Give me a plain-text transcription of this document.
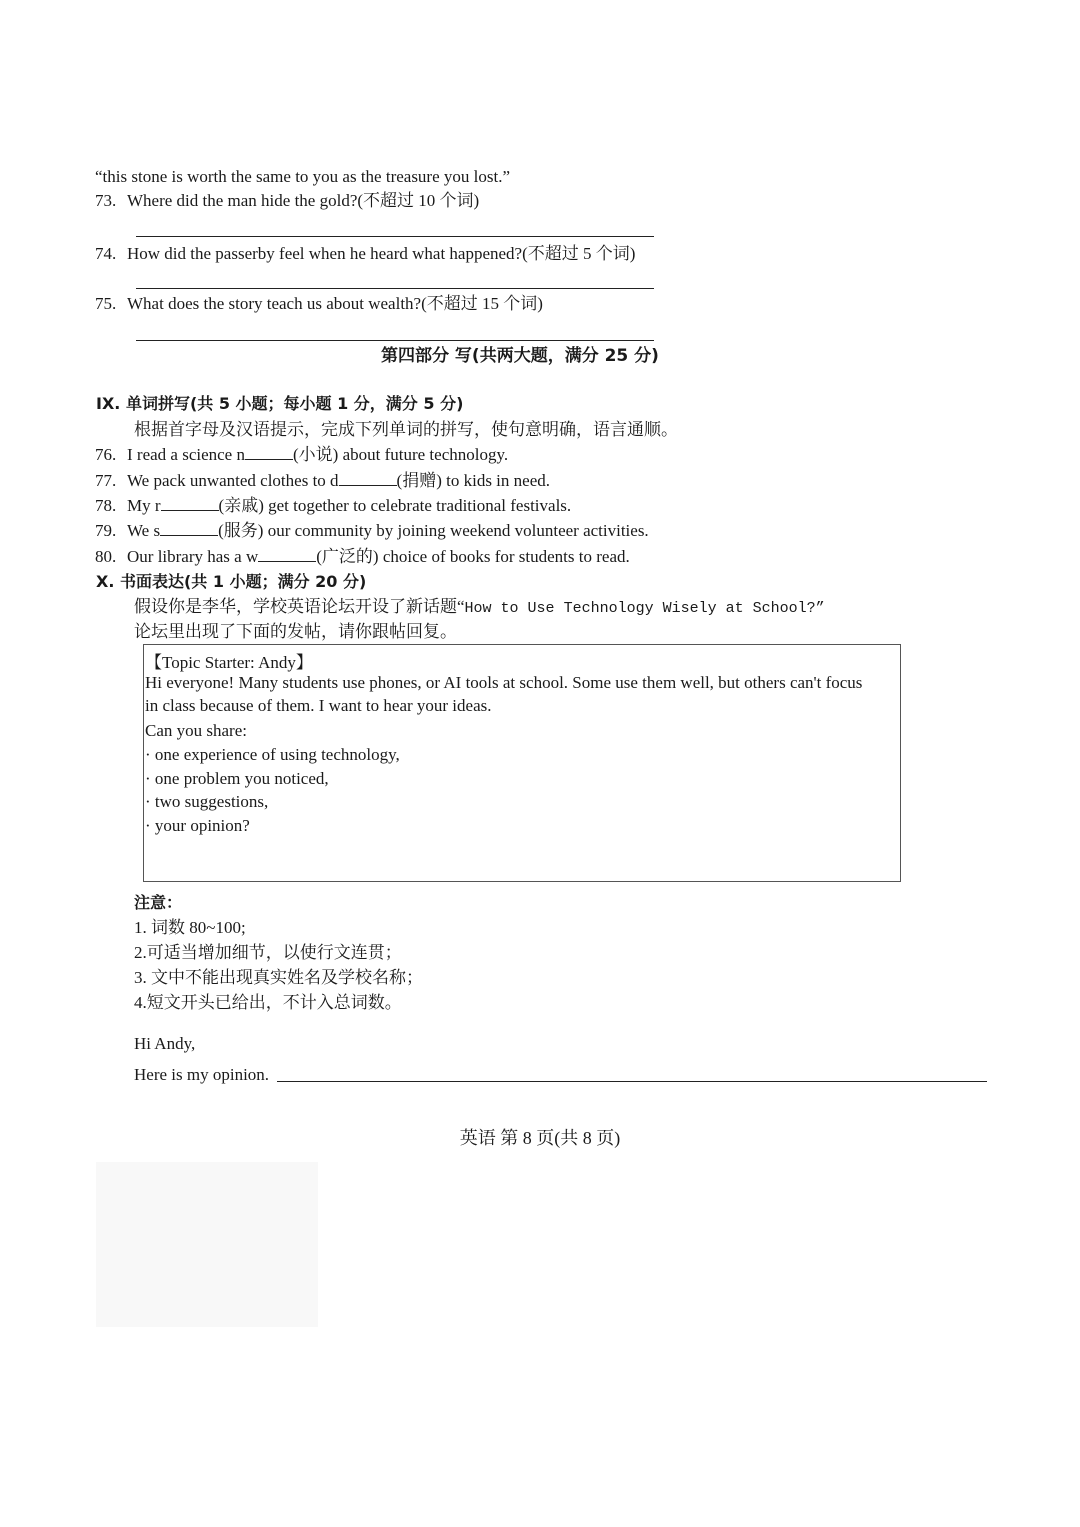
“this stone is worth the same to you as the treasure you lost.”
73. Where did the man hide the gold?(不超过 10 个词)
74. How did the passerby feel when he heard what happened?(不超过 5 个词)
75. What does the story teach us about wealth?(不超过 15 个词)
第四部分 写(共两大题，满分 25 分)
IX. 单词拼写(共 5 小题；每小题 1 分，满分 5 分)
根据首字母及汉语提示，完成下列单词的拼写，使句意明确，语言通顺。
76. I read a science n	(小说) about future technology.
77. We pack unwanted clothes to d	(捐赠) to kids in need.
78. My r	(亲戚) get together to celebrate traditional festivals.
79. We s	(服务) our community by joining weekend volunteer activities.
80. Our library has a w	(广泛的) choice of books for students to read.
X. 书面表达(共 1 小题；满分 20 分)
假设你是李华，学校英语论坛开设了新话题“How to Use Technology Wisely at School?”
论坛里出现了下面的发帖，请你跟帖回复。
【Topic Starter: Andy】
Hi everyone! Many students use phones, or AI tools at school. Some use them well, but others can't focus
in class because of them. I want to hear your ideas.
Can you share:
· one experience of using technology,
· one problem you noticed,
· two suggestions,
· your opinion?
注意：
1. 词数 80~100;
2.可适当增加细节，以使行文连贯；
3. 文中不能出现真实姓名及学校名称；
4.短文开头已给出，不计入总词数。
Hi Andy,
Here is my opinion.
英语 第 8 页(共 8 页)
